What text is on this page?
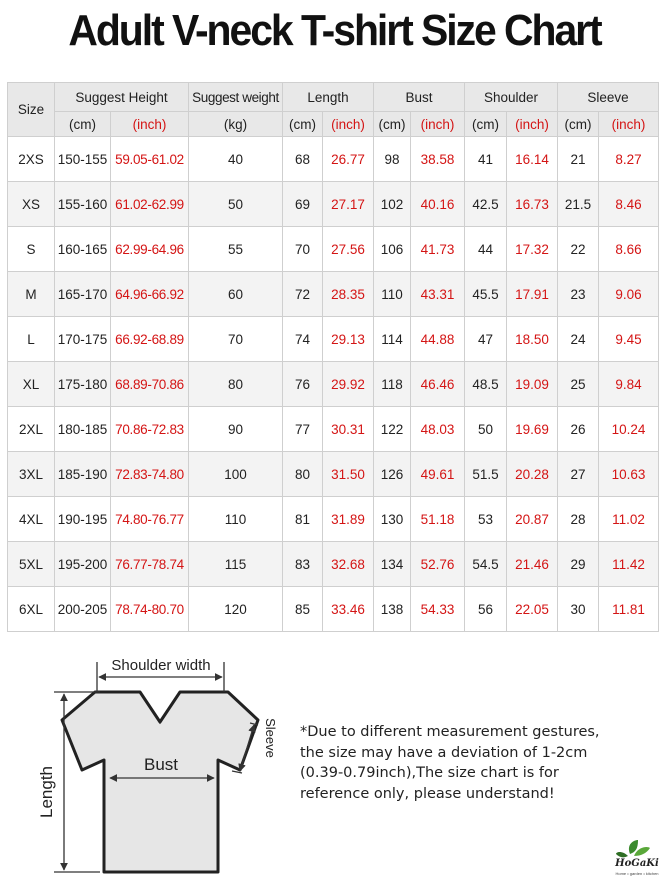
Adult V-neck T-shirt Size Chart
Size	Suggest Height		Suggest weight	Length		Bust		Shoulder		Sleeve	
	(cm)	(inch)	(kg)	(cm)	(inch)	(cm)	(inch)	(cm)	(inch)	(cm)	(inch)
2XS	150-155	59.05-61.02	40	68	26.77	98	38.58	41	16.14	21	8.27
XS	155-160	61.02-62.99	50	69	27.17	102	40.16	42.5	16.73	21.5	8.46
S	160-165	62.99-64.96	55	70	27.56	106	41.73	44	17.32	22	8.66
M	165-170	64.96-66.92	60	72	28.35	110	43.31	45.5	17.91	23	9.06
L	170-175	66.92-68.89	70	74	29.13	114	44.88	47	18.50	24	9.45
XL	175-180	68.89-70.86	80	76	29.92	118	46.46	48.5	19.09	25	9.84
2XL	180-185	70.86-72.83	90	77	30.31	122	48.03	50	19.69	26	10.24
3XL	185-190	72.83-74.80	100	80	31.50	126	49.61	51.5	20.28	27	10.63
4XL	190-195	74.80-76.77	110	81	31.89	130	51.18	53	20.87	28	11.02
5XL	195-200	76.77-78.74	115	83	32.68	134	52.76	54.5	21.46	29	11.42
6XL	200-205	78.74-80.70	120	85	33.46	138	54.33	56	22.05	30	11.81
Shoulder width
Bust
Sleeve
Length
*Due to different measurement gestures,
the size may have a deviation of 1-2cm
(0.39-0.79inch),The size chart is for
reference only, please understand!
HoGaKi
Home • garden • kitchen
